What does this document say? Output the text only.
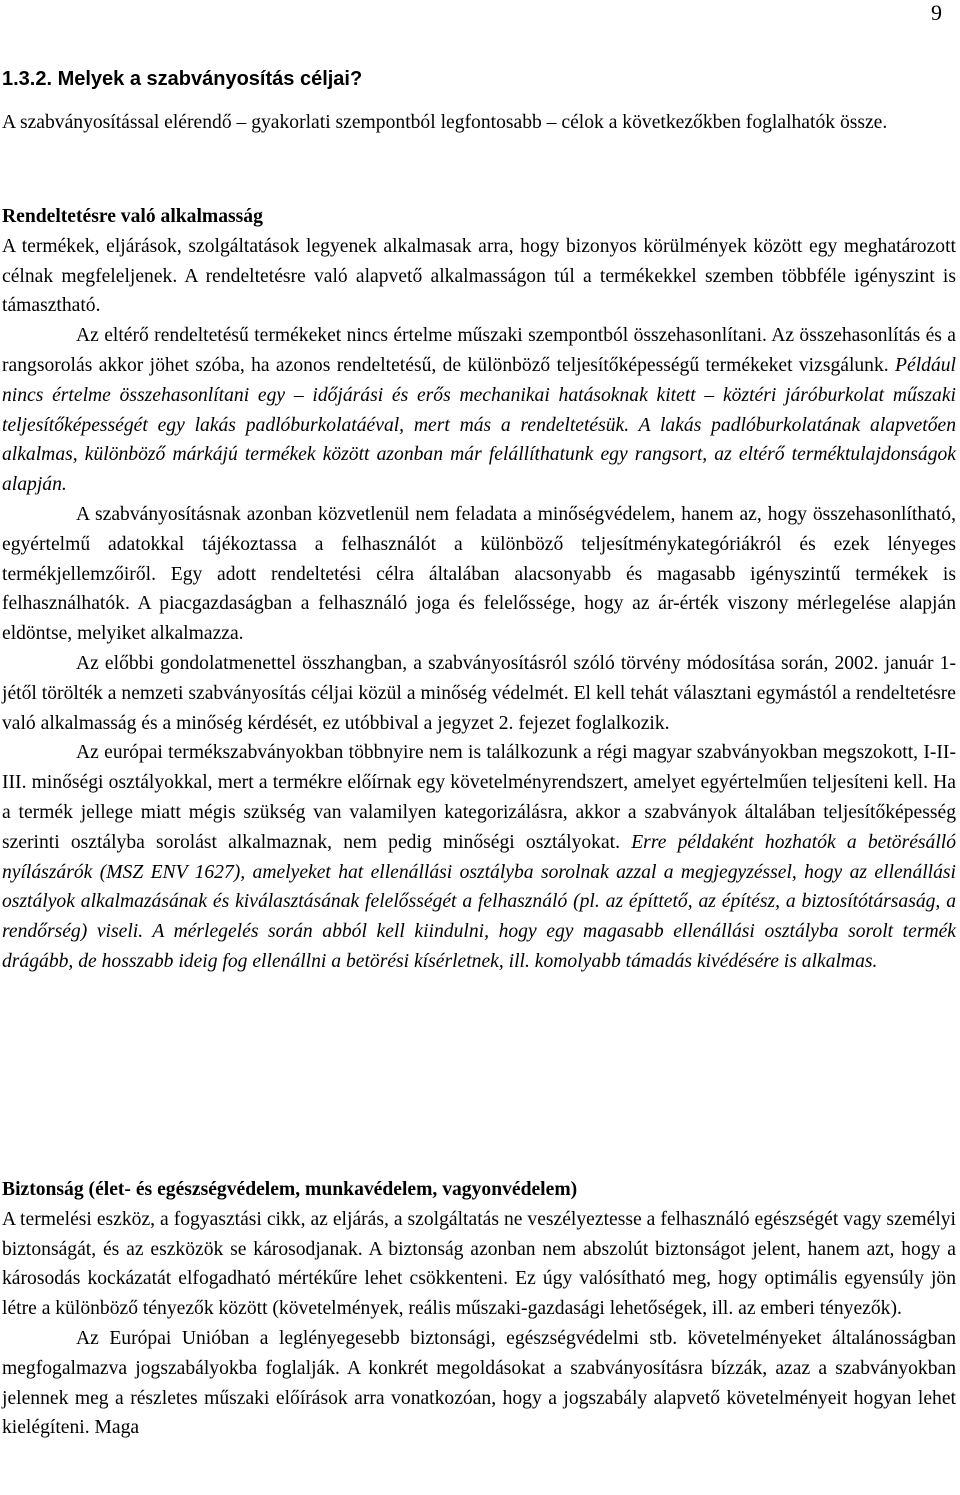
9
1.3.2. Melyek a szabványosítás céljai?

A szabványosítással elérendő – gyakorlati szempontból legfontosabb – célok a következőkben foglalhatók össze.

Rendeltetésre való alkalmasság

A termékek, eljárások, szolgáltatások legyenek alkalmasak arra, hogy bizonyos körülmények között egy meghatározott célnak megfeleljenek. A rendeltetésre való alapvető alkalmasságon túl a termékekkel szemben többféle igényszint is támasztható.

Az eltérő rendeltetésű termékeket nincs értelme műszaki szempontból összehasonlítani. Az összehasonlítás és a rangsorolás akkor jöhet szóba, ha azonos rendeltetésű, de különböző teljesítőképességű termékeket vizsgálunk. Például nincs értelme összehasonlítani egy – időjárási és erős mechanikai hatásoknak kitett – köztéri járóburkolat műszaki teljesítőképességét egy lakás padlóburkolatáéval, mert más a rendeltetésük. A lakás padlóburkolatának alapvetően alkalmas, különböző márkájú termékek között azonban már felállíthatunk egy rangsort, az eltérő terméktulajdonságok alapján.

A szabványosításnak azonban közvetlenül nem feladata a minőségvédelem, hanem az, hogy összehasonlítható, egyértelmű adatokkal tájékoztassa a felhasználót a különböző teljesítménykategóriákról és ezek lényeges termékjellemzőiről. Egy adott rendeltetési célra általában alacsonyabb és magasabb igényszintű termékek is felhasználhatók. A piacgazdaságban a felhasználó joga és felelőssége, hogy az ár-érték viszony mérlegelése alapján eldöntse, melyiket alkalmazza.

Az előbbi gondolatmenettel összhangban, a szabványosításról szóló törvény módosítása során, 2002. január 1-jétől törölték a nemzeti szabványosítás céljai közül a minőség védelmét. El kell tehát választani egymástól a rendeltetésre való alkalmasság és a minőség kérdését, ez utóbbival a jegyzet 2. fejezet foglalkozik.

Az európai termékszabványokban többnyire nem is találkozunk a régi magyar szabványokban megszokott, I-II-III. minőségi osztályokkal, mert a termékre előírnak egy követelményrendszert, amelyet egyértelműen teljesíteni kell. Ha a termék jellege miatt mégis szükség van valamilyen kategorizálásra, akkor a szabványok általában teljesítőképesség szerinti osztályba sorolást alkalmaznak, nem pedig minőségi osztályokat. Erre példaként hozhatók a betörésálló nyílászárók (MSZ ENV 1627), amelyeket hat ellenállási osztályba sorolnak azzal a megjegyzéssel, hogy az ellenállási osztályok alkalmazásának és kiválasztásának felelősségét a felhasználó (pl. az építtető, az építész, a biztosítótársaság, a rendőrség) viseli. A mérlegelés során abból kell kiindulni, hogy egy magasabb ellenállási osztályba sorolt termék drágább, de hosszabb ideig fog ellenállni a betörési kísérletnek, ill. komolyabb támadás kivédésére is alkalmas.

Biztonság (élet- és egészségvédelem, munkavédelem, vagyonvédelem)

A termelési eszköz, a fogyasztási cikk, az eljárás, a szolgáltatás ne veszélyeztesse a felhasználó egészségét vagy személyi biztonságát, és az eszközök se károsodjanak. A biztonság azonban nem abszolút biztonságot jelent, hanem azt, hogy a károsodás kockázatát elfogadható mértékűre lehet csökkenteni. Ez úgy valósítható meg, hogy optimális egyensúly jön létre a különböző tényezők között (követelmények, reális műszaki-gazdasági lehetőségek, ill. az emberi tényezők).

Az Európai Unióban a leglényegesebb biztonsági, egészségvédelmi stb. követelményeket általánosságban megfogalmazva jogszabályokba foglalják. A konkrét megoldásokat a szabványosításra bízzák, azaz a szabványokban jelennek meg a részletes műszaki előírások arra vonatkozóan, hogy a jogszabály alapvető követelményeit hogyan lehet kielégíteni. Maga
